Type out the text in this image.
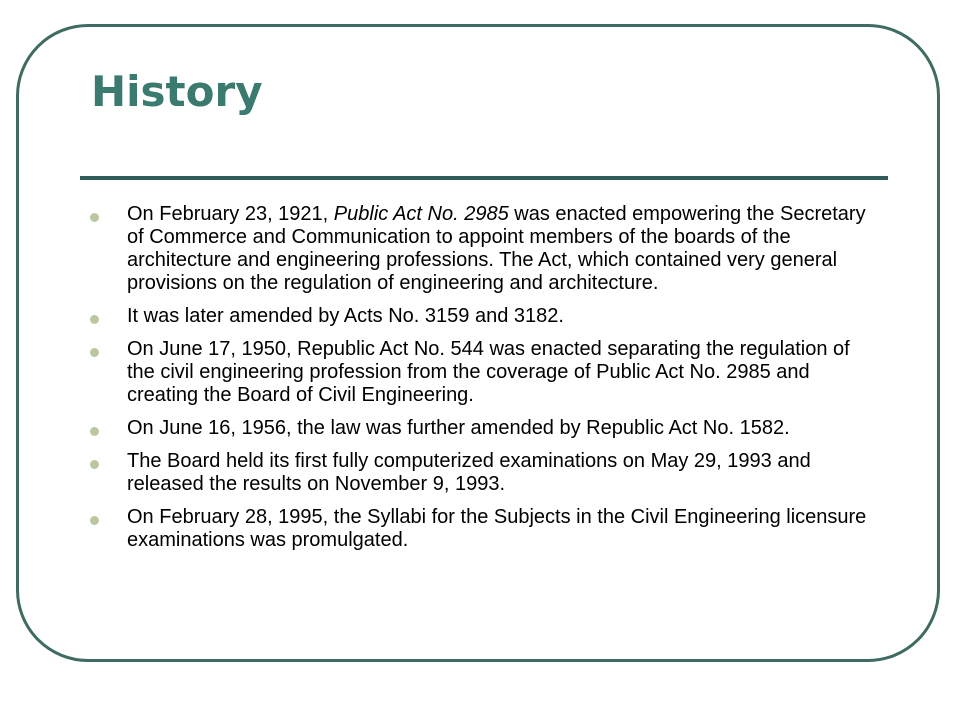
History
On February 23, 1921, Public Act No. 2985 was enacted empowering the Secretary of Commerce and Communication to appoint members of the boards of the architecture and engineering professions. The Act, which contained very general provisions on the regulation of engineering and architecture.
It was later amended by Acts No. 3159 and 3182.
On June 17, 1950, Republic Act No. 544 was enacted separating the regulation of the civil engineering profession from the coverage of Public Act No. 2985 and creating the Board of Civil Engineering.
On June 16, 1956, the law was further amended by Republic Act No. 1582.
The Board held its first fully computerized examinations on May 29, 1993 and released the results on November 9, 1993.
On February 28, 1995, the Syllabi for the Subjects in the Civil Engineering licensure examinations was promulgated.
